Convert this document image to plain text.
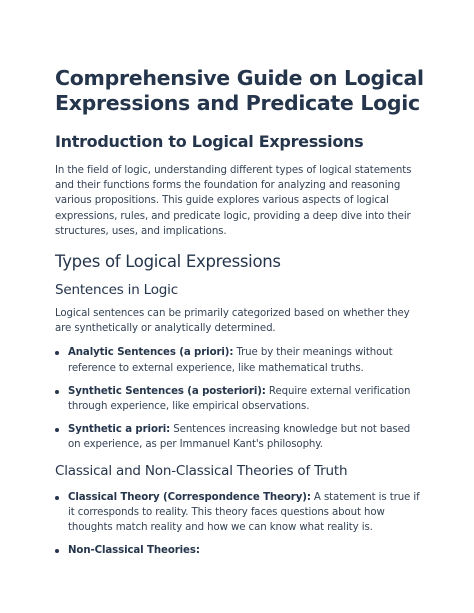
Comprehensive Guide on Logical Expressions and Predicate Logic
Introduction to Logical Expressions

In the field of logic, understanding different types of logical statements and their functions forms the foundation for analyzing and reasoning various propositions. This guide explores various aspects of logical expressions, rules, and predicate logic, providing a deep dive into their structures, uses, and implications.

Types of Logical Expressions
Sentences in Logic

Logical sentences can be primarily categorized based on whether they are synthetically or analytically determined.

Analytic Sentences (a priori): True by their meanings without reference to external experience, like mathematical truths.
Synthetic Sentences (a posteriori): Require external verification through experience, like empirical observations.
Synthetic a priori: Sentences increasing knowledge but not based on experience, as per Immanuel Kant's philosophy.
Classical and Non-Classical Theories of Truth
Classical Theory (Correspondence Theory): A statement is true if it corresponds to reality. This theory faces questions about how thoughts match reality and how we can know what reality is.
Non-Classical Theories:
